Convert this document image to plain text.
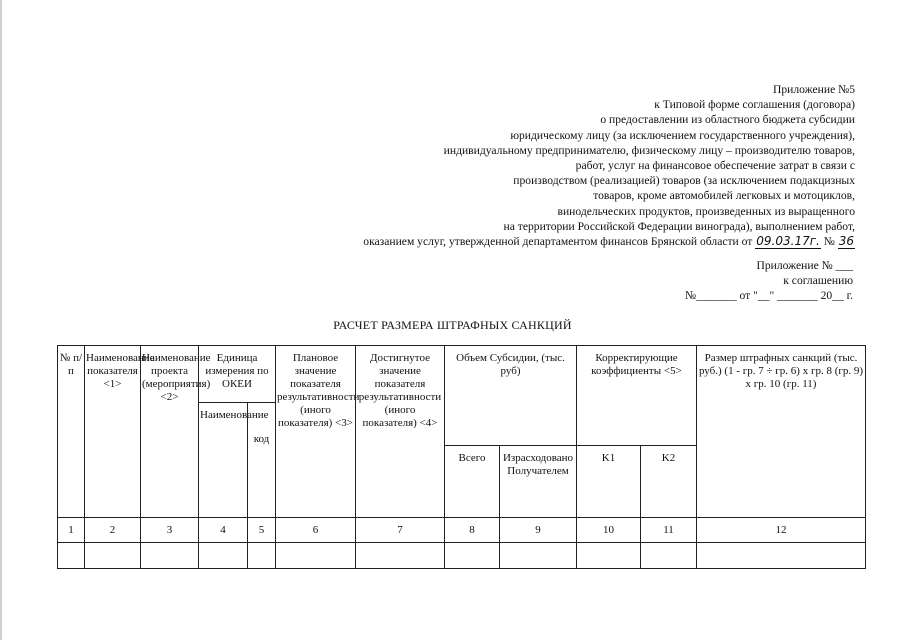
Приложение №5
к Типовой форме соглашения (договора)
о предоставлении из областного бюджета субсидии
юридическому лицу (за исключением государственного учреждения),
индивидуальному предпринимателю, физическому лицу – производителю товаров,
работ, услуг на финансовое обеспечение затрат в связи с
производством (реализацией) товаров (за исключением подакцизных
товаров, кроме автомобилей легковых и мотоциклов,
винодельческих продуктов, произведенных из выращенного
на территории Российской Федерации винограда), выполнением работ,
оказанием услуг, утвержденной департаментом финансов Брянской области от 09.03.17г. № 36
Приложение № ___
к соглашению
№_______ от "__" _______ 20__ г.
РАСЧЕТ РАЗМЕРА ШТРАФНЫХ САНКЦИЙ
№ п/п	Наименование показателя <1>	Наименование проекта (мероприятия) <2>	Единица измерения по ОКЕИ		Плановое значение показателя результативности (иного показателя) <3>	Достигнутое значение показателя результативности (иного показателя) <4>	Объем Субсидии, (тыс. руб)		Корректирующие коэффициенты <5>		Размер штрафных санкций (тыс. руб.) (1 - гр. 7 ÷ гр. 6) x гр. 8 (гр. 9) x гр. 10 (гр. 11)
			Наименование	код							
							Всего	Израсходовано Получателем	K1	K2	
1	2	3	4	5	6	7	8	9	10	11	12
